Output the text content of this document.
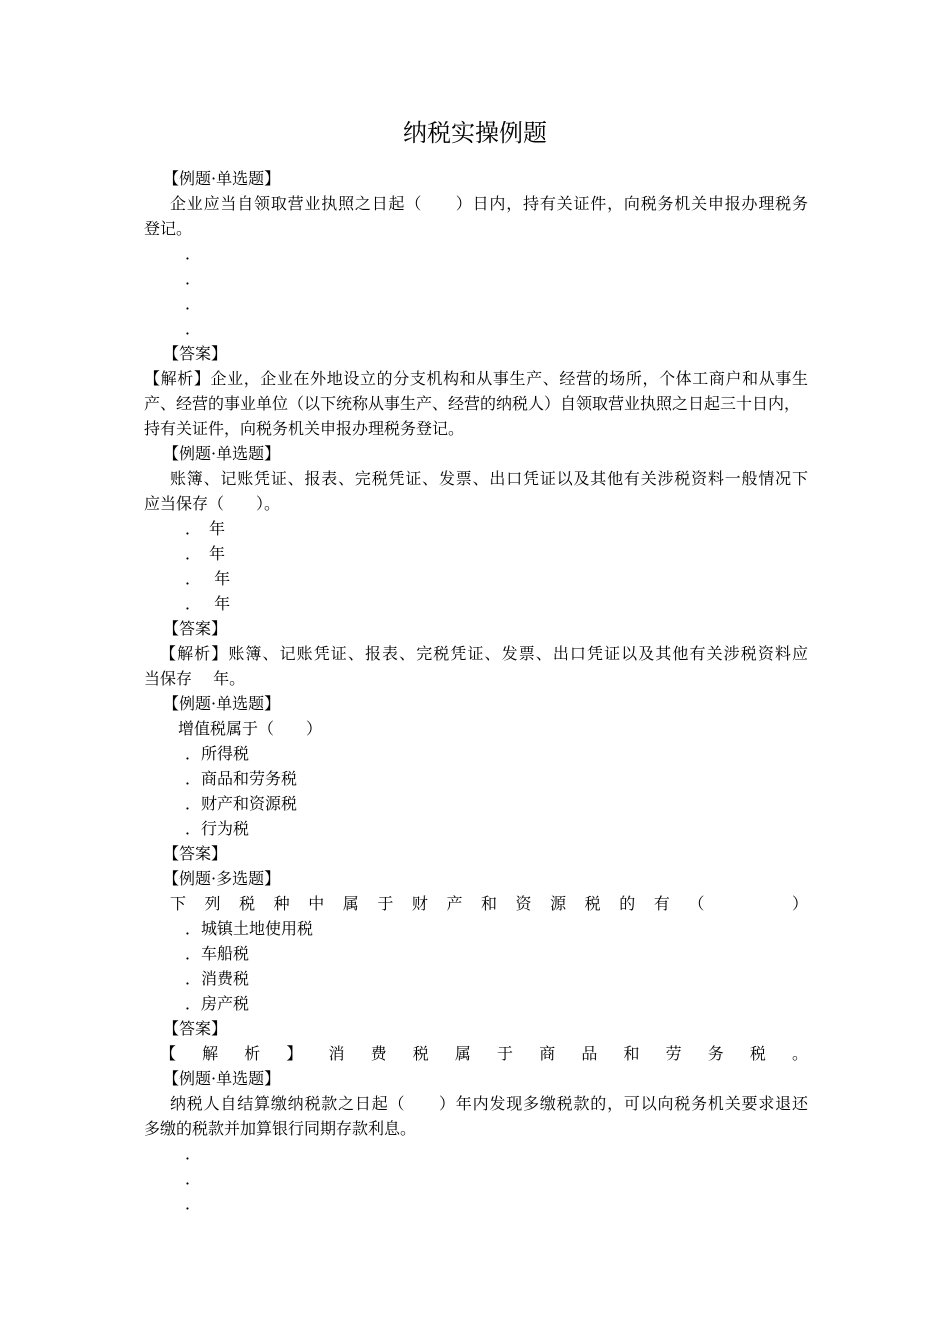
纳税实操例题
【例题·单选题】
企业应当自领取营业执照之日起（　　）日内，持有关证件，向税务机关申报办理税务
登记。
．
．
．
．
【答案】
【解析】企业，企业在外地设立的分支机构和从事生产、经营的场所，个体工商户和从事生
产、经营的事业单位（以下统称从事生产、经营的纳税人）自领取营业执照之日起三十日内，
持有关证件，向税务机关申报办理税务登记。
【例题·单选题】
账簿、记账凭证、报表、完税凭证、发票、出口凭证以及其他有关涉税资料一般情况下
应当保存（　　）。
．　年
．　年
．　 年
．　 年
【答案】
【解析】账簿、记账凭证、报表、完税凭证、发票、出口凭证以及其他有关涉税资料应
当保存　 年。
【例题·单选题】
增值税属于（　　）
．所得税
．商品和劳务税
．财产和资源税
．行为税
【答案】
【例题·多选题】
下列税种中属于财产和资源税的有（　　）
．城镇土地使用税
．车船税
．消费税
．房产税
【答案】
【解析】消费税属于商品和劳务税。
【例题·单选题】
纳税人自结算缴纳税款之日起（　　）年内发现多缴税款的，可以向税务机关要求退还
多缴的税款并加算银行同期存款利息。
．
．
．
